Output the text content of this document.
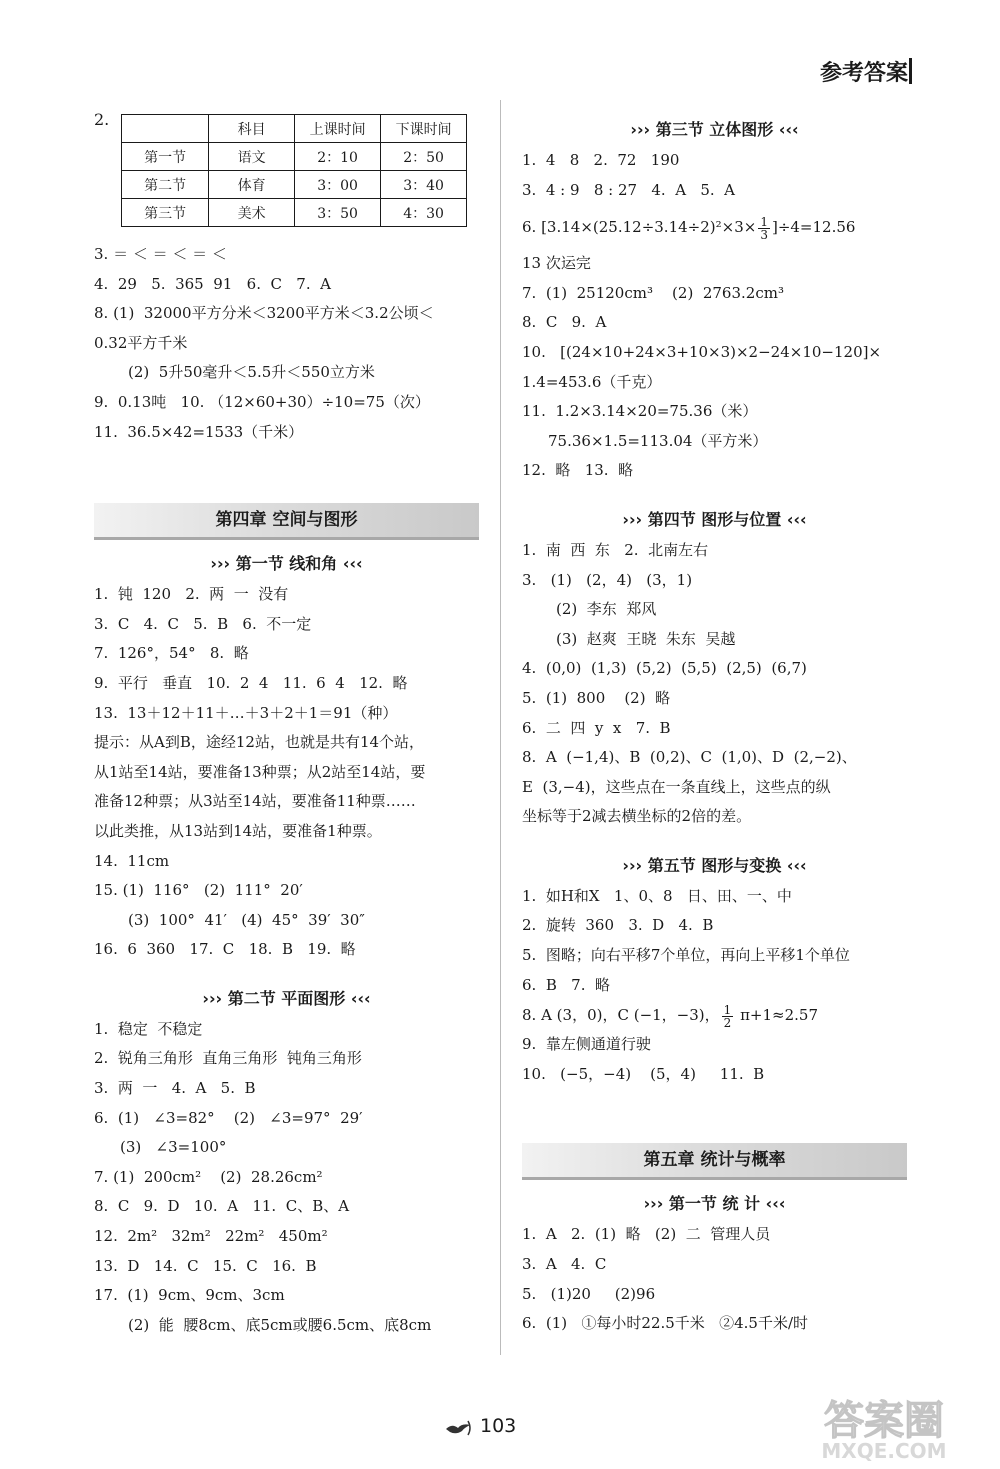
参考答案
2.	科目	上课时间	下课时间
第一节	语文	2：10	2：50
第二节	体育	3：00	3：40
第三节	美术	3：50	4：30
3. ＝ ＜ ＝ ＜ ＝ ＜
4.  29   5.  365  91   6.  C   7.  A
8. (1)  32000平方分米＜3200平方米＜3.2公顷＜
0.32平方千米
(2)  5升50毫升＜5.5升＜550立方米
9.  0.13吨   10. （12×60+30）÷10=75（次）
11.  36.5×42=1533（千米）
第四章 空间与图形
››› 第一节 线和角 ‹‹‹
1.  钝  120   2.  两  一  没有
3.  C   4.  C   5.  B   6.  不一定
7.  126°，54°   8.  略
9.  平行   垂直   10.  2  4   11.  6  4   12.  略
13.  13＋12＋11＋…＋3＋2＋1＝91（种）
提示：从A到B，途经12站，也就是共有14个站，
从1站至14站，要准备13种票；从2站至14站，要
准备12种票；从3站至14站，要准备11种票……
以此类推，从13站到14站，要准备1种票。
14.  11cm
15. (1)  116°   (2)  111°  20′
(3)  100°  41′   (4)  45°  39′  30″
16.  6  360   17.  C   18.  B   19.  略
››› 第二节 平面图形 ‹‹‹
1.  稳定  不稳定
2.  锐角三角形  直角三角形  钝角三角形
3.  两  一   4.  A   5.  B
6.  (1)   ∠3=82°    (2)   ∠3=97°  29′
(3)   ∠3=100°
7. (1)  200cm²    (2)  28.26cm²
8.  C   9.  D   10.  A   11.  C、B、A
12.  2m²   32m²   22m²   450m²
13.  D   14.  C   15.  C   16.  B
17.  (1)  9cm、9cm、3cm
(2)  能  腰8cm、底5cm或腰6.5cm、底8cm
››› 第三节 立体图形 ‹‹‹
1.  4   8   2.  72   190
3.  4 : 9   8 : 27   4.  A   5.  A
6. $[3.14\times(25.12\div 3.14\div 2)^2\times 3\times \frac{1}{3} ]\div 4=12.56$
13 次运完
7.  (1)  25120cm³    (2)  2763.2cm³
8.  C   9.  A
10.   [(24×10+24×3+10×3)×2−24×10−120]×
1.4=453.6（千克）
11.  1.2×3.14×20=75.36（米）
75.36×1.5=113.04（平方米）
12.  略   13.  略
››› 第四节 图形与位置 ‹‹‹
1.  南  西  东   2.  北南左右
3.   (1)   (2，4)   (3，1)
(2)  李东  郑风
(3)  赵爽  王晓  朱东  吴越
4.  (0,0)  (1,3)  (5,2)  (5,5)  (2,5)  (6,7)
5.  (1)  800    (2)  略
6.  二  四  y  x   7.  B
8.  A  (−1,4)、B  (0,2)、C  (1,0)、D  (2,−2)、
E  (3,−4)，这些点在一条直线上，这些点的纵
坐标等于2减去横坐标的2倍的差。
››› 第五节 图形与变换 ‹‹‹
1.  如H和X   1、0、8   日、田、一、中
2.  旋转  360   3.  D   4.  B
5.  图略；向右平移7个单位，再向上平移1个单位
6.  B   7.  略
8. A (3，0)，C (−1，−3)， $\frac{1}{2} \pi+1\approx 2.57$
9.  靠左侧通道行驶
10.   (−5，−4)    (5，4)     11.  B
第五章 统计与概率
››› 第一节 统 计 ‹‹‹
1.  A   2.  (1)  略   (2)  二  管理人员
3.  A   4.  C
5.   (1)20     (2)96
6.  (1)   ①每小时22.5千米   ②4.5千米/时
103	答案圈
MXQE.COM
